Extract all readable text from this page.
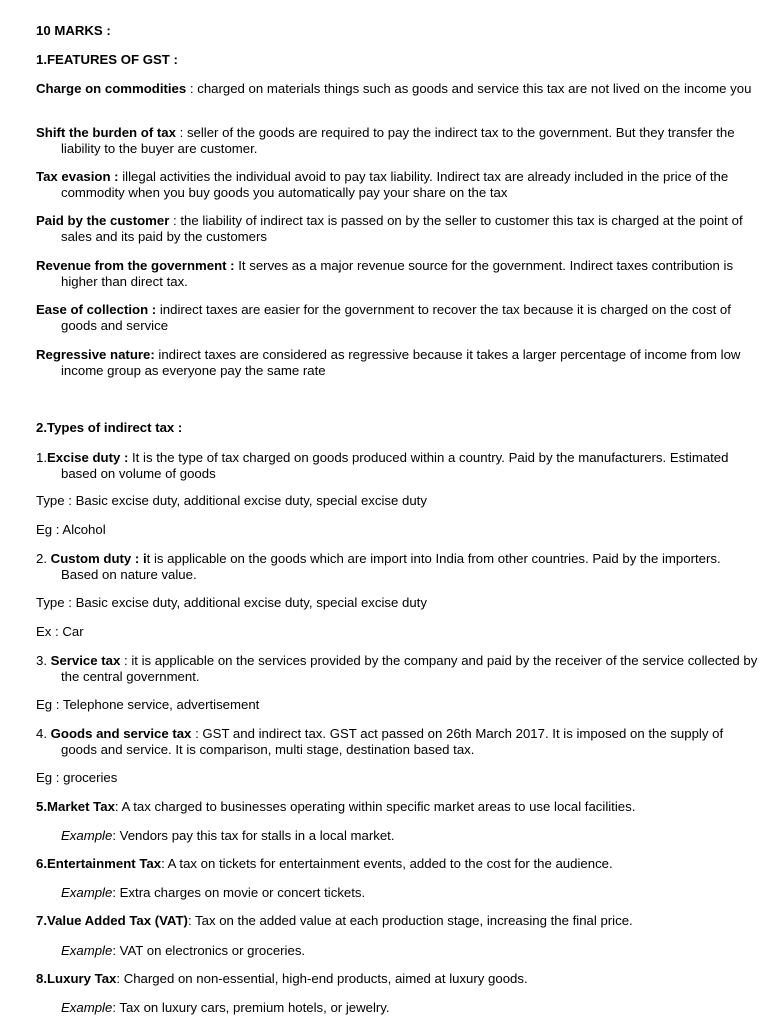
10 MARKS :

1.FEATURES OF GST :

Charge on commodities : charged on materials things such as goods and service this tax are not lived on the income you

Shift the burden of tax : seller of the goods are required to pay the indirect tax to the government. But they transfer the liability to the buyer are customer.

Tax evasion : illegal activities the individual avoid to pay tax liability. Indirect tax are already included in the price of the commodity when you buy goods you automatically pay your share on the tax

Paid by the customer : the liability of indirect tax is passed on by the seller to customer this tax is charged at the point of sales and its paid by the customers

Revenue from the government : It serves as a major revenue source for the government. Indirect taxes contribution is higher than direct tax.

Ease of collection : indirect taxes are easier for the government to recover the tax because it is charged on the cost of goods and service

Regressive nature: indirect taxes are considered as regressive because it takes a larger percentage of income from low income group as everyone pay the same rate

2.Types of indirect tax :

1.Excise duty : It is the type of tax charged on goods produced within a country. Paid by the manufacturers. Estimated based on volume of goods

Type : Basic excise duty, additional excise duty, special excise duty

Eg : Alcohol

2. Custom duty : it is applicable on the goods which are import into India from other countries. Paid by the importers. Based on nature value.

Type : Basic excise duty, additional excise duty, special excise duty

Ex : Car

3. Service tax : it is applicable on the services provided by the company and paid by the receiver of the service collected by the central government.

Eg : Telephone service, advertisement

4. Goods and service tax : GST and indirect tax. GST act passed on 26th March 2017. It is imposed on the supply of goods and service. It is comparison, multi stage, destination based tax.

Eg : groceries

5.Market Tax: A tax charged to businesses operating within specific market areas to use local facilities.

Example: Vendors pay this tax for stalls in a local market.

6.Entertainment Tax: A tax on tickets for entertainment events, added to the cost for the audience.

Example: Extra charges on movie or concert tickets.

7.Value Added Tax (VAT): Tax on the added value at each production stage, increasing the final price.

Example: VAT on electronics or groceries.

8.Luxury Tax: Charged on non-essential, high-end products, aimed at luxury goods.

Example: Tax on luxury cars, premium hotels, or jewelry.
